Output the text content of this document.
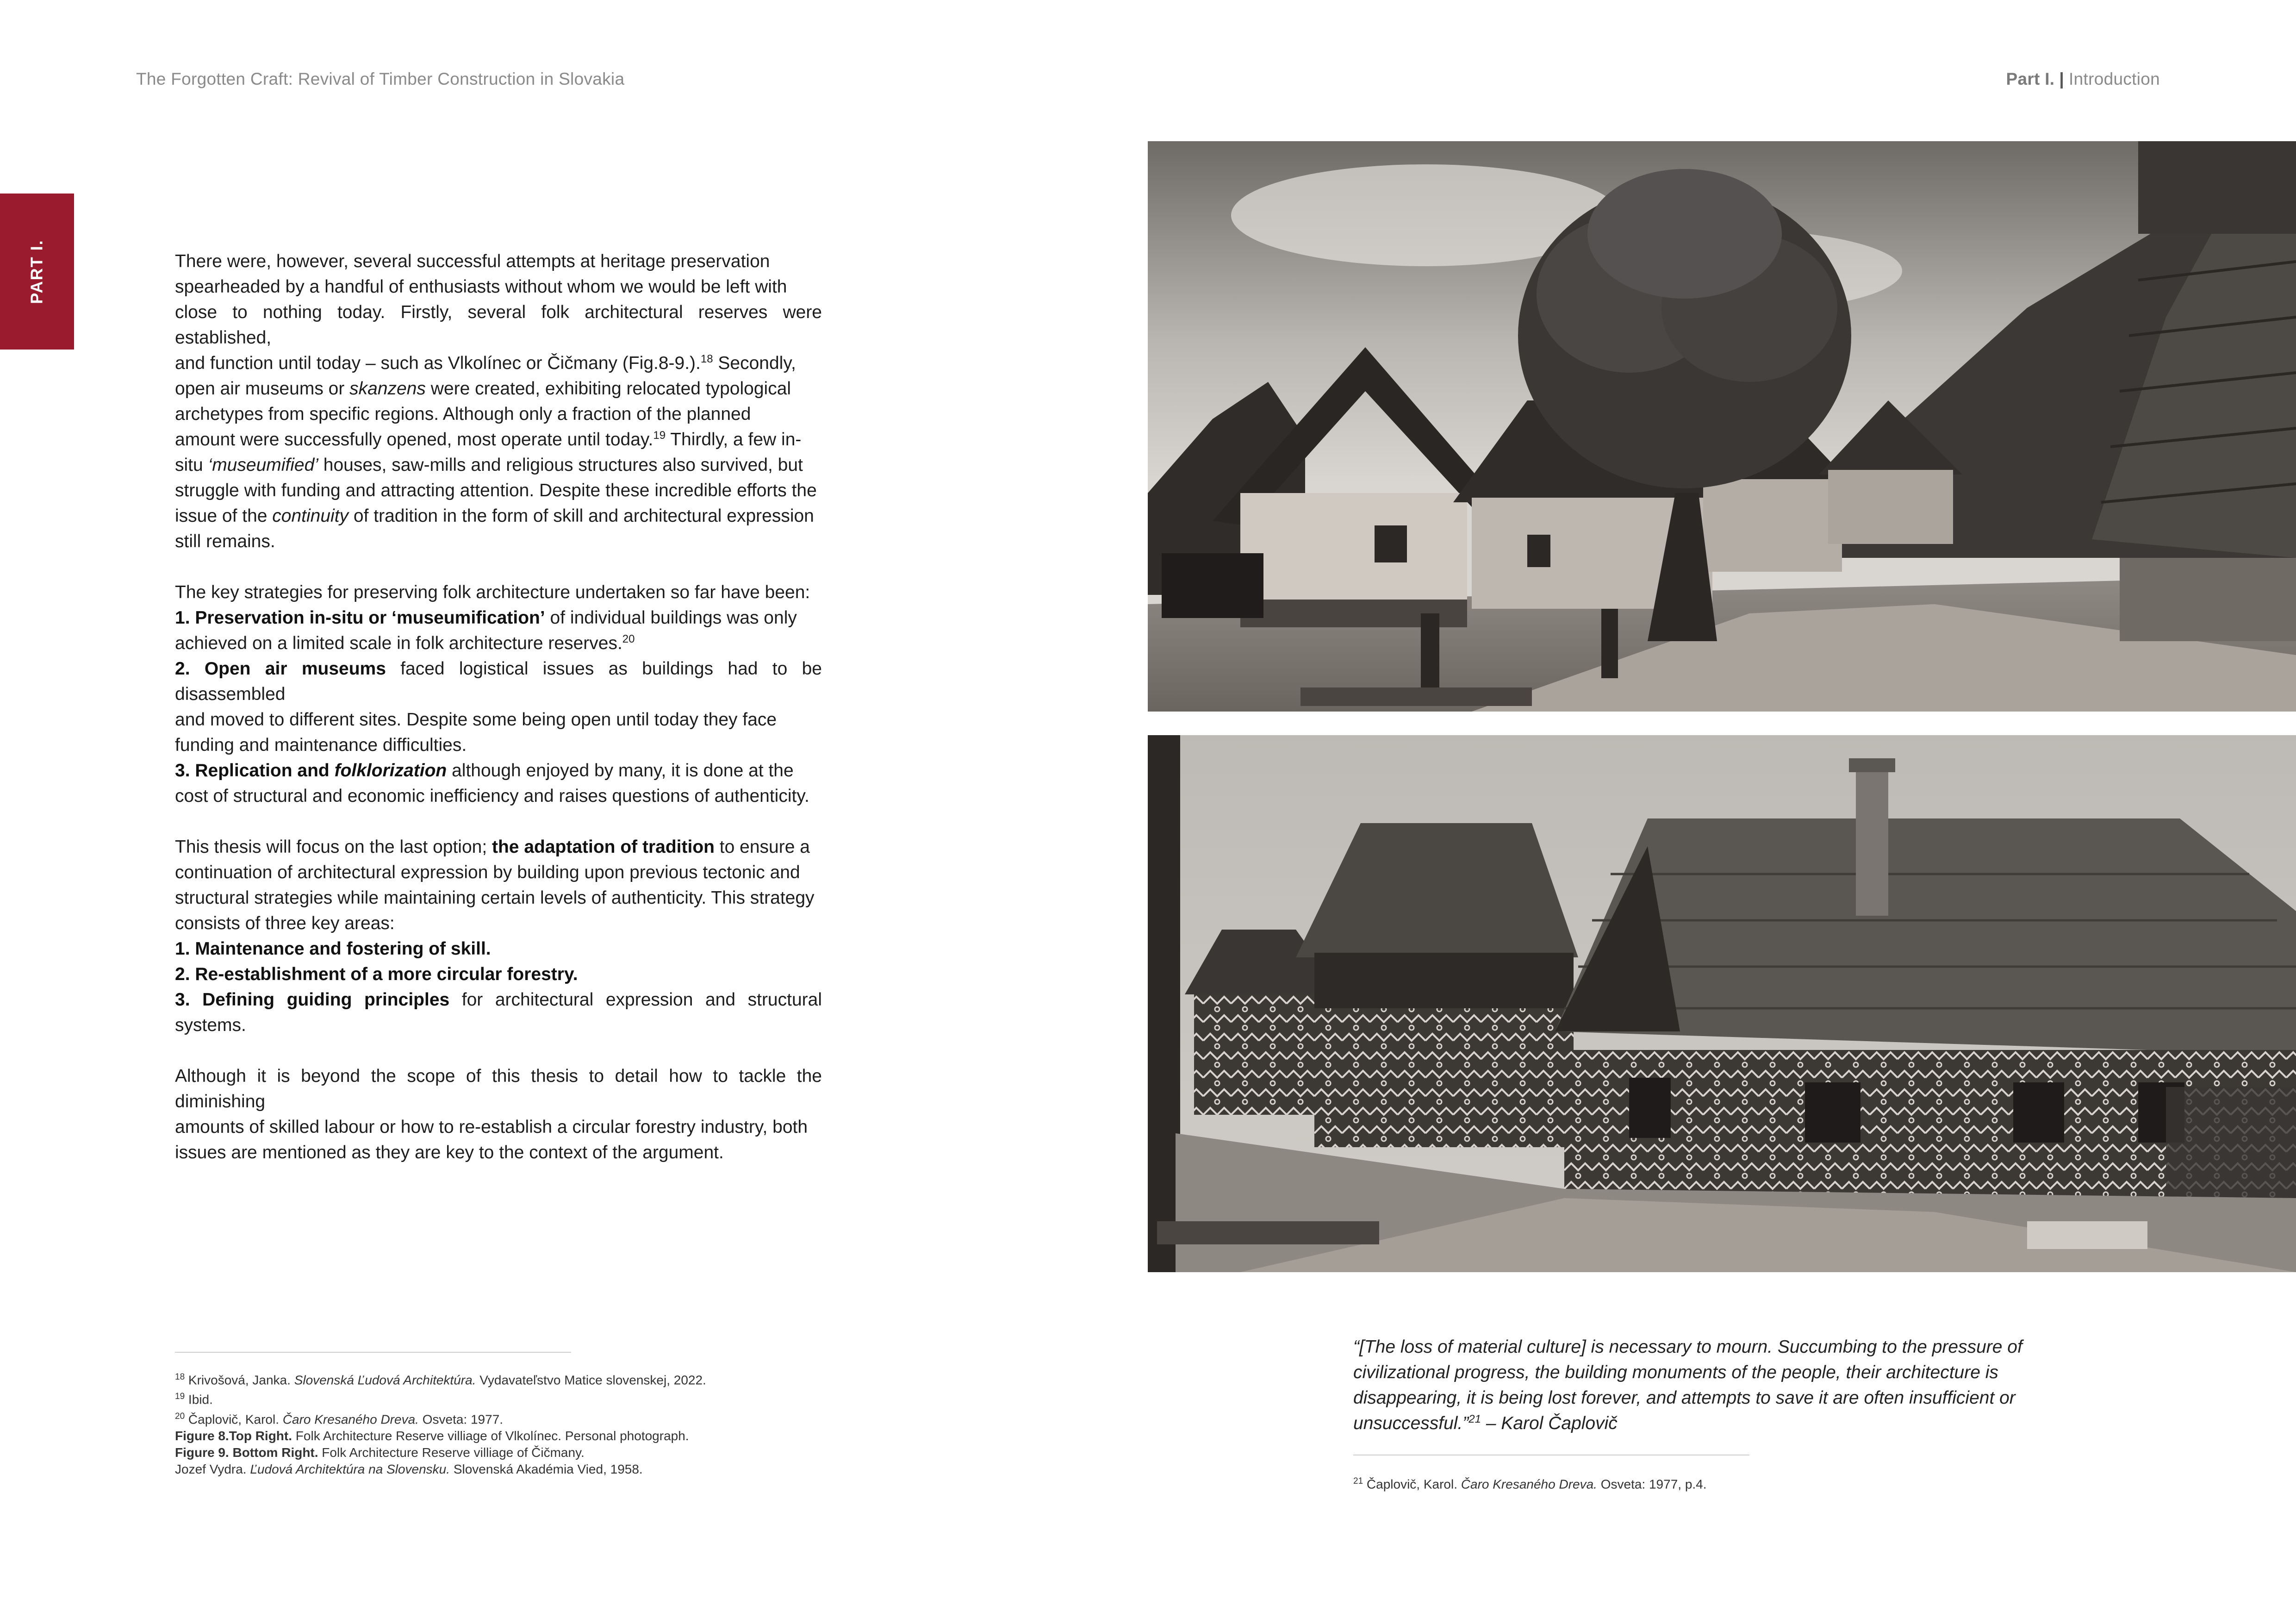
The Forgotten Craft: Revival of Timber Construction in Slovakia	Part I. | Introduction
PART I.	There were, however, several successful attempts at heritage preservation
spearheaded by a handful of enthusiasts without whom we would be left with
close to nothing today. Firstly, several folk architectural reserves were established,
and function until today – such as Vlkolínec or Čičmany (Fig.8-9.).$^{18}$ Secondly,
open air museums or skanzens were created, exhibiting relocated typological
archetypes from specific regions. Although only a fraction of the planned
amount were successfully opened, most operate until today.$^{19}$ Thirdly, a few in-
situ ‘museumified’ houses, saw-mills and religious structures also survived, but
struggle with funding and attracting attention. Despite these incredible efforts the
issue of the continuity of tradition in the form of skill and architectural expression
still remains.

The key strategies for preserving folk architecture undertaken so far have been:
1. Preservation in-situ or ‘museumification’ of individual buildings was only
achieved on a limited scale in folk architecture reserves.$^{20}$
2. Open air museums faced logistical issues as buildings had to be disassembled
and moved to different sites. Despite some being open until today they face
funding and maintenance difficulties.
3. Replication and folklorization although enjoyed by many, it is done at the
cost of structural and economic inefficiency and raises questions of authenticity.

This thesis will focus on the last option; the adaptation of tradition to ensure a
continuation of architectural expression by building upon previous tectonic and
structural strategies while maintaining certain levels of authenticity. This strategy
consists of three key areas:
1. Maintenance and fostering of skill.
2. Re-establishment of a more circular forestry.
3. Defining guiding principles for architectural expression and structural systems.

Although it is beyond the scope of this thesis to detail how to tackle the diminishing
amounts of skilled labour or how to re-establish a circular forestry industry, both
issues are mentioned as they are key to the context of the argument.

$^{18}$ Krivošová, Janka. Slovenská Ľudová Architektúra. Vydavateľstvo Matice slovenskej, 2022.
$^{19}$ Ibid.
$^{20}$ Čaplovič, Karol. Čaro Kresaného Dreva. Osveta: 1977.
Figure 8.Top Right. Folk Architecture Reserve villiage of Vlkolínec. Personal photograph.
Figure 9. Bottom Right. Folk Architecture Reserve villiage of Čičmany.
Jozef Vydra. Ľudová Architektúra na Slovensku. Slovenská Akadémia Vied, 1958.
“[The loss of material culture] is necessary to mourn. Succumbing to the pressure of
civilizational progress, the building monuments of the people, their architecture is
disappearing, it is being lost forever, and attempts to save it are often insufficient or
unsuccessful.”$^{21}$ – Karol Čaplovič
$^{21}$ Čaplovič, Karol. Čaro Kresaného Dreva. Osveta: 1977, p.4.
